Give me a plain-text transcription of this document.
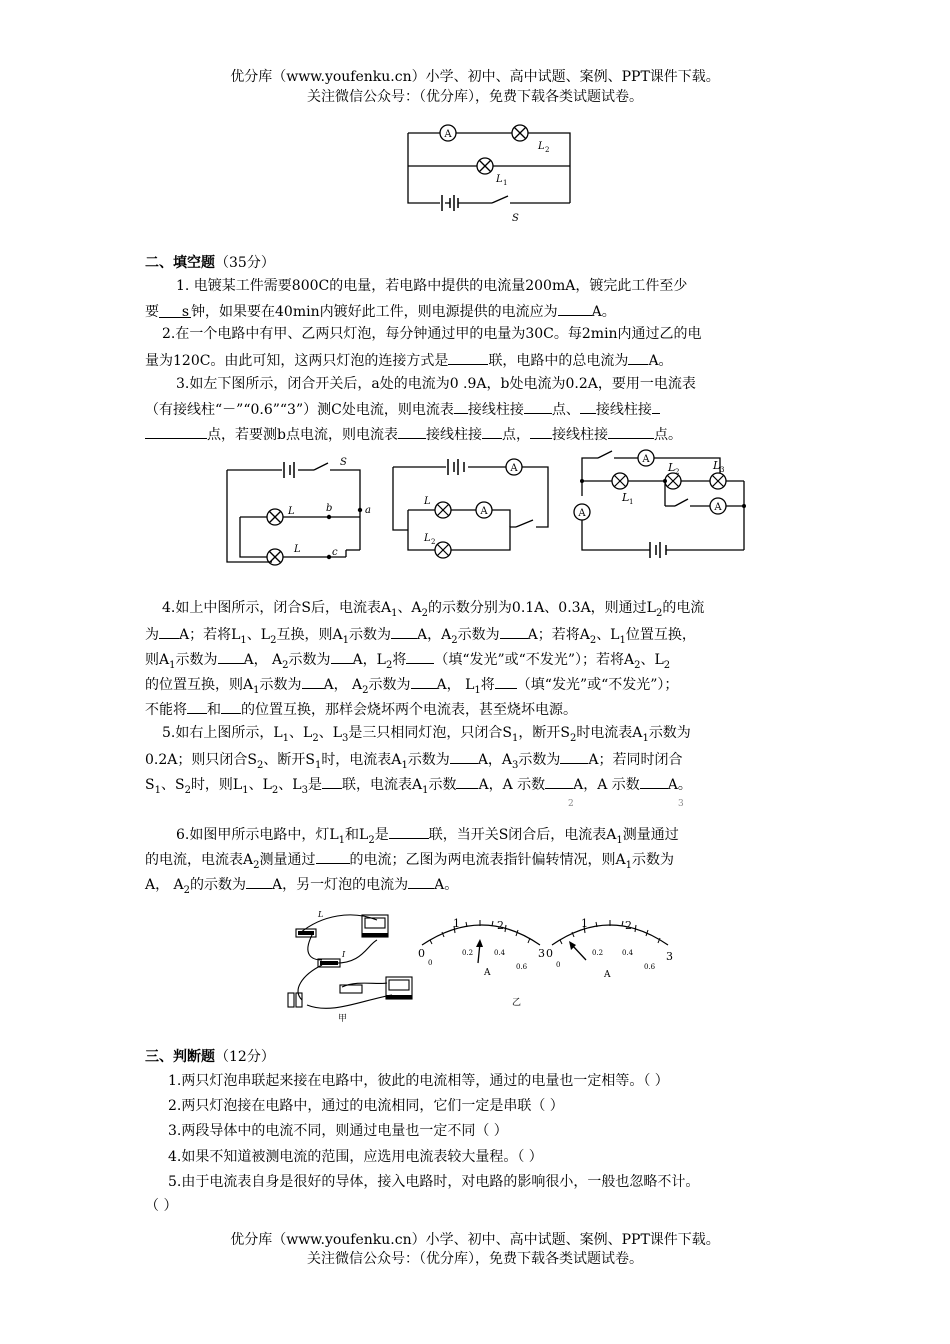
优分库（www.youfenku.cn）小学、初中、高中试题、案例、PPT课件下载。
关注微信公众号：（优分库），免费下载各类试题试卷。
A
L 2
L 1
S
二、填空题（35分）
1. 电镀某工件需要800C的电量，若电路中提供的电流量200mA，镀完此工件至少
要 s 钟，如果要在40min内镀好此工件，则电源提供的电流应为 A。
2.在一个电路中有甲、乙两只灯泡，每分钟通过甲的电量为30C。每2min内通过乙的电
量为120C。由此可知，这两只灯泡的连接方式是	联，电路中的总电流为 A。
3.如左下图所示，闭合开关后，a处的电流为0 .9A，b处电流为0.2A，要用一电流表
（有接线柱“－”“0.6”“3”）测C处电流，则电流表 接线柱接 点、 接线柱接
点，若要测b点电流，则电流表 接线柱接 点， 接线柱接	点。
S
L
L
a
b
c
A
A
L
L 2
A
A
A
L 1
L 2	L 3
4.如上中图所示，闭合S后，电流表$A_1$、$A_2$的示数分别为0.1A、0.3A，则通过$L_2$的电流
为 A；若将$L_1$、$L_2$互换，则$A_1$示数为 A，$A_2$示数为 A；若将$A_2$、$L_1$位置互换，
则$A_1$示数为 A， $A_2$示数为 A，$L_2$将 （填“发光”或“不发光”）；若将$A_2$、$L_2$
的位置互换，则$A_1$示数为 A， $A_2$示数为 A， $L_1$将 （填“发光”或“不发光”）；
不能将 和 的位置互换，那样会烧坏两个电流表，甚至烧坏电源。
5.如右上图所示，$L_1$、$L_2$、$L_3$是三只相同灯泡，只闭合$S_1$，断开$S_2$时电流表$A_1$示数为
0.2A；则只闭合$S_2$、断开$S_1$时，电流表$A_1$示数为 A，$A_3$示数为 A；若同时闭合
$S_1$、$S_2$时，则$L_1$、$L_2$、$L_3$是 联，电流表$A_1$示数 A，A 示数 A，A 示数 A。
2	3
6.如图甲所示电路中，灯$L_1$和$L_2$是	联，当开关S闭合后，电流表$A_1$测量通过
的电流，电流表$A_2$测量通过 的电流；乙图为两电流表指针偏转情况，则$A_1$示数为
A， $A_2$的示数为 A，另一灯泡的电流为 A。
L
I
甲
0
1	2
3
0
0.2	0.4
0.6
A
乙
0
1	2
3
0
0.2	0.4
0.6
A
三、判断题（12分）
1.两只灯泡串联起来接在电路中，彼此的电流相等，通过的电量也一定相等。（ ）
2.两只灯泡接在电路中，通过的电流相同，它们一定是串联（ ）
3.两段导体中的电流不同，则通过电量也一定不同（ ）
4.如果不知道被测电流的范围，应选用电流表较大量程。（ ）
5.由于电流表自身是很好的导体，接入电路时，对电路的影响很小，一般也忽略不计。
（ ）
优分库（www.youfenku.cn）小学、初中、高中试题、案例、PPT课件下载。
关注微信公众号：（优分库），免费下载各类试题试卷。
